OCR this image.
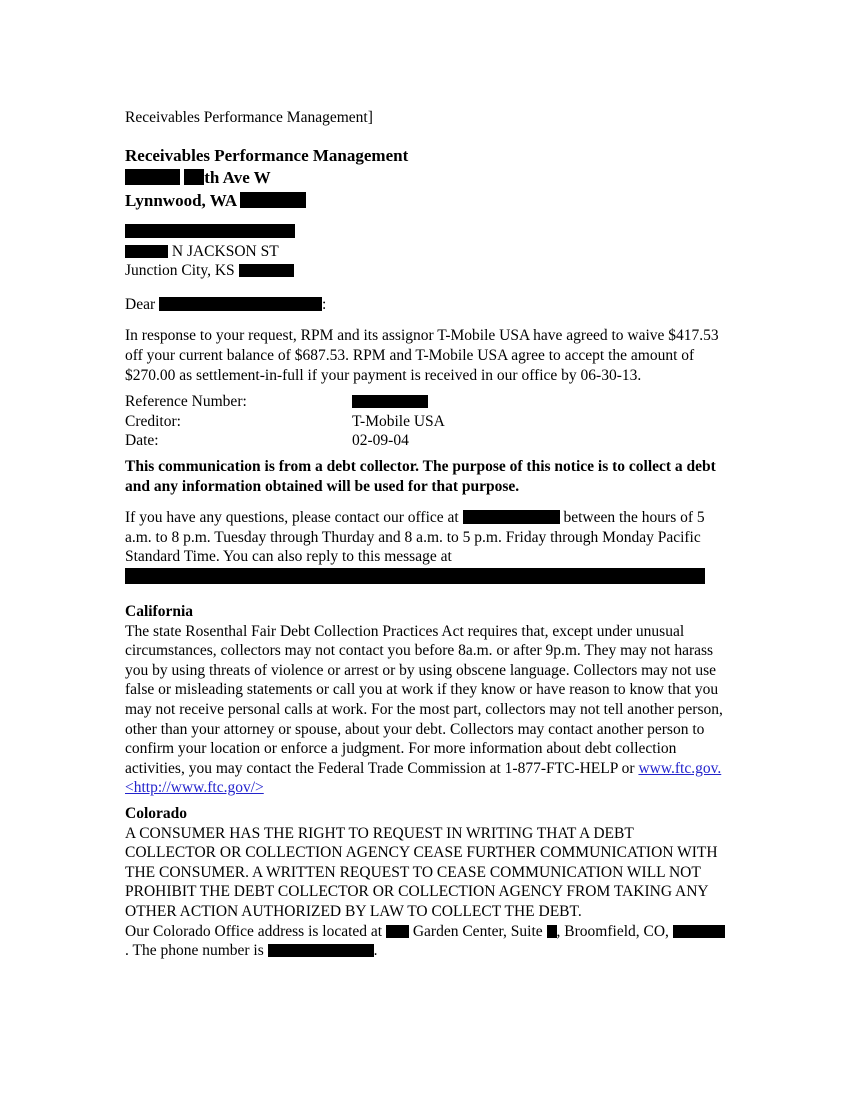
Receivables Performance Management]
Receivables Performance Management
th Ave W
Lynnwood, WA
N JACKSON ST
Junction City, KS
Dear	:
In response to your request, RPM and its assignor T-Mobile USA have agreed to waive $417.53 off your current balance of $687.53. RPM and T-Mobile USA agree to accept the amount of $270.00 as settlement-in-full if your payment is received in our office by 06-30-13.
Reference Number:
Creditor:	T-Mobile USA
Date:	02-09-04
This communication is from a debt collector. The purpose of this notice is to collect a debt and any information obtained will be used for that purpose.
If you have any questions, please contact our office at	between the hours of 5 a.m. to 8 p.m. Tuesday through Thurday and 8 a.m. to 5 p.m. Friday through Monday Pacific Standard Time. You can also reply to this message at
California
The state Rosenthal Fair Debt Collection Practices Act requires that, except under unusual circumstances, collectors may not contact you before 8a.m. or after 9p.m. They may not harass you by using threats of violence or arrest or by using obscene language. Collectors may not use false or misleading statements or call you at work if they know or have reason to know that you may not receive personal calls at work. For the most part, collectors may not tell another person, other than your attorney or spouse, about your debt. Collectors may contact another person to confirm your location or enforce a judgment. For more information about debt collection activities, you may contact the Federal Trade Commission at 1-877-FTC-HELP or www.ftc.gov. <http://www.ftc.gov/>
Colorado
A CONSUMER HAS THE RIGHT TO REQUEST IN WRITING THAT A DEBT COLLECTOR OR COLLECTION AGENCY CEASE FURTHER COMMUNICATION WITH THE CONSUMER. A WRITTEN REQUEST TO CEASE COMMUNICATION WILL NOT PROHIBIT THE DEBT COLLECTOR OR COLLECTION AGENCY FROM TAKING ANY OTHER ACTION AUTHORIZED BY LAW TO COLLECT THE DEBT.
Our Colorado Office address is located at  Garden Center, Suite , Broomfield, CO, . The phone number is	.
